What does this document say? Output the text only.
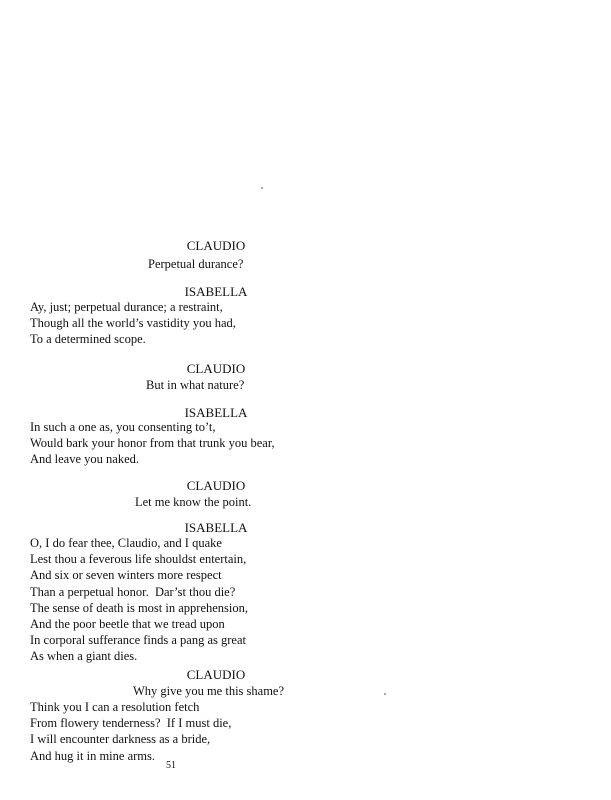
CLAUDIO
Perpetual durance?
ISABELLA
Ay, just; perpetual durance; a restraint,
Though all the world’s vastidity you had,
To a determined scope.
CLAUDIO
But in what nature?
ISABELLA
In such a one as, you consenting to’t,
Would bark your honor from that trunk you bear,
And leave you naked.
CLAUDIO
Let me know the point.
ISABELLA
O, I do fear thee, Claudio, and I quake
Lest thou a feverous life shouldst entertain,
And six or seven winters more respect
Than a perpetual honor.  Dar’st thou die?
The sense of death is most in apprehension,
And the poor beetle that we tread upon
In corporal sufferance finds a pang as great
As when a giant dies.
CLAUDIO
Why give you me this shame?
Think you I can a resolution fetch
From flowery tenderness?  If I must die,
I will encounter darkness as a bride,
And hug it in mine arms.
51
